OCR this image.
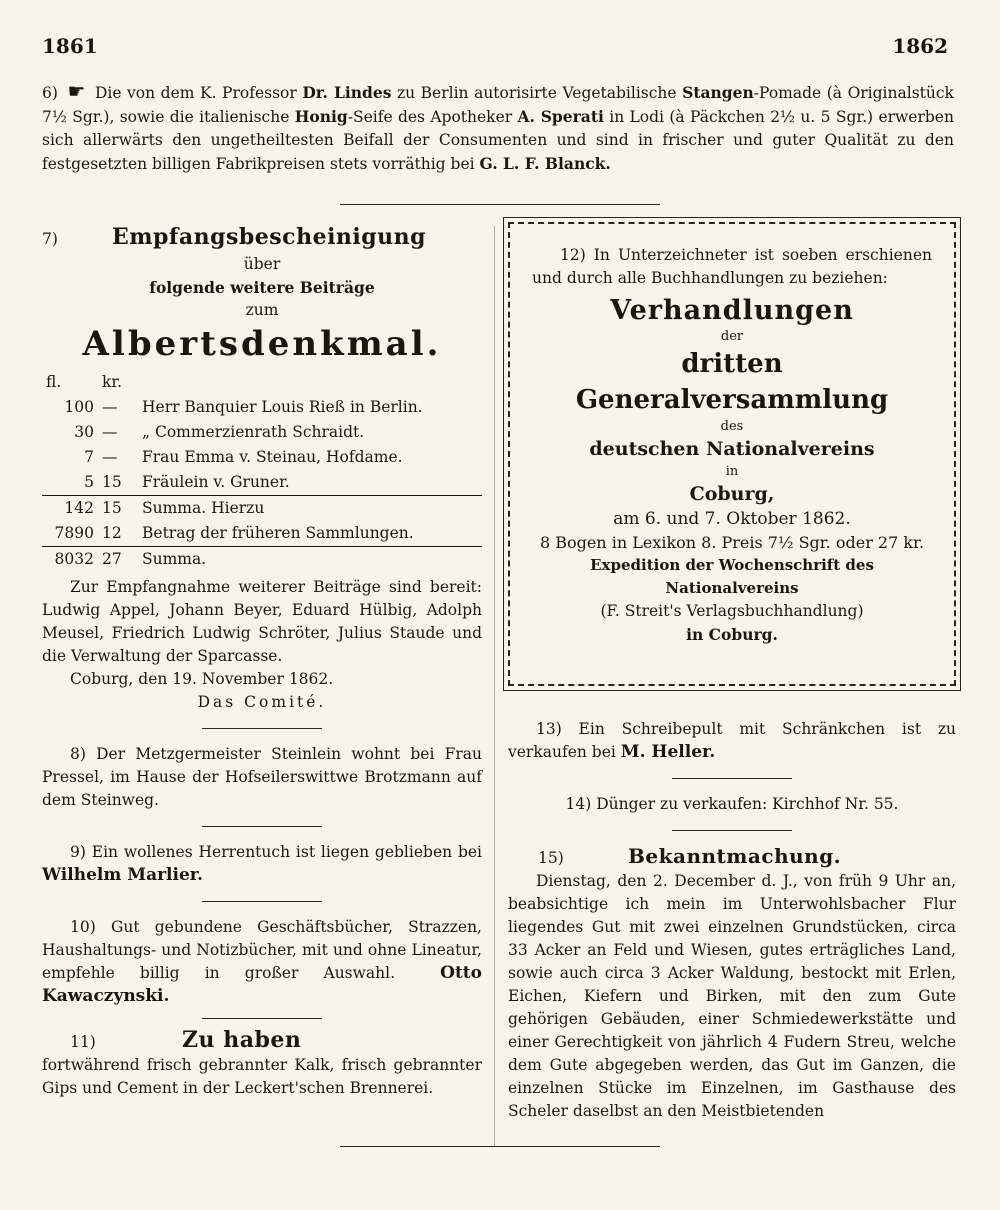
1861	1862
6) ☛ Die von dem K. Professor Dr. Lindes zu Berlin autorisirte Vegetabilische Stangen-Pomade (à Originalstück 7½ Sgr.), sowie die italienische Honig-Seife des Apotheker A. Sperati in Lodi (à Päckchen 2½ u. 5 Sgr.) erwerben sich allerwärts den ungetheiltesten Beifall der Consumenten und sind in frischer und guter Qualität zu den festgesetzten billigen Fabrikpreisen stets vorräthig bei G. L. F. Blanck.
7)	Empfangsbescheinigung
über
folgende weitere Beiträge
zum
Albertsdenkmal.
fl.	kr.	
100	—	Herr Banquier Louis Rieß in Berlin.
30	—	„ Commerzienrath Schraidt.
7	—	Frau Emma v. Steinau, Hofdame.
5	15	Fräulein v. Gruner.
142	15	Summa. Hierzu
7890	12	Betrag der früheren Sammlungen.
8032	27	Summa.

Zur Empfangnahme weiterer Beiträge sind bereit: Ludwig Appel, Johann Beyer, Eduard Hülbig, Adolph Meusel, Friedrich Ludwig Schröter, Julius Staude und die Verwaltung der Sparcasse.

Coburg, den 19. November 1862.

Das Comité.

8) Der Metzgermeister Steinlein wohnt bei Frau Pressel, im Hause der Hofseilerswittwe Brotzmann auf dem Steinweg.

9) Ein wollenes Herrentuch ist liegen geblieben bei Wilhelm Marlier.
10) Gut gebundene Geschäftsbücher, Strazzen, Haushaltungs- und Notizbücher, mit und ohne Lineatur, empfehle billig in großer Auswahl.	Otto Kawaczynski.
11)	Zu haben

fortwährend frisch gebrannter Kalk, frisch gebrannter Gips und Cement in der Leckert'schen Brennerei.

12) In Unterzeichneter ist soeben erschienen und durch alle Buchhandlungen zu beziehen:

Verhandlungen
der
dritten Generalversammlung
des
deutschen Nationalvereins
in
Coburg,
am 6. und 7. Oktober 1862.
8 Bogen in Lexikon 8. Preis 7½ Sgr. oder 27 kr.
Expedition der Wochenschrift des Nationalvereins
(F. Streit's Verlagsbuchhandlung)
in Coburg.
13) Ein Schreibepult mit Schränkchen ist zu verkaufen bei M. Heller.

14) Dünger zu verkaufen: Kirchhof Nr. 55.

15)	Bekanntmachung.

Dienstag, den 2. December d. J., von früh 9 Uhr an, beabsichtige ich mein im Unterwohlsbacher Flur liegendes Gut mit zwei einzelnen Grundstücken, circa 33 Acker an Feld und Wiesen, gutes erträgliches Land, sowie auch circa 3 Acker Waldung, bestockt mit Erlen, Eichen, Kiefern und Birken, mit den zum Gute gehörigen Gebäuden, einer Schmiedewerkstätte und einer Gerechtigkeit von jährlich 4 Fudern Streu, welche dem Gute abgegeben werden, das Gut im Ganzen, die einzelnen Stücke im Einzelnen, im Gasthause des Scheler daselbst an den Meistbietenden
